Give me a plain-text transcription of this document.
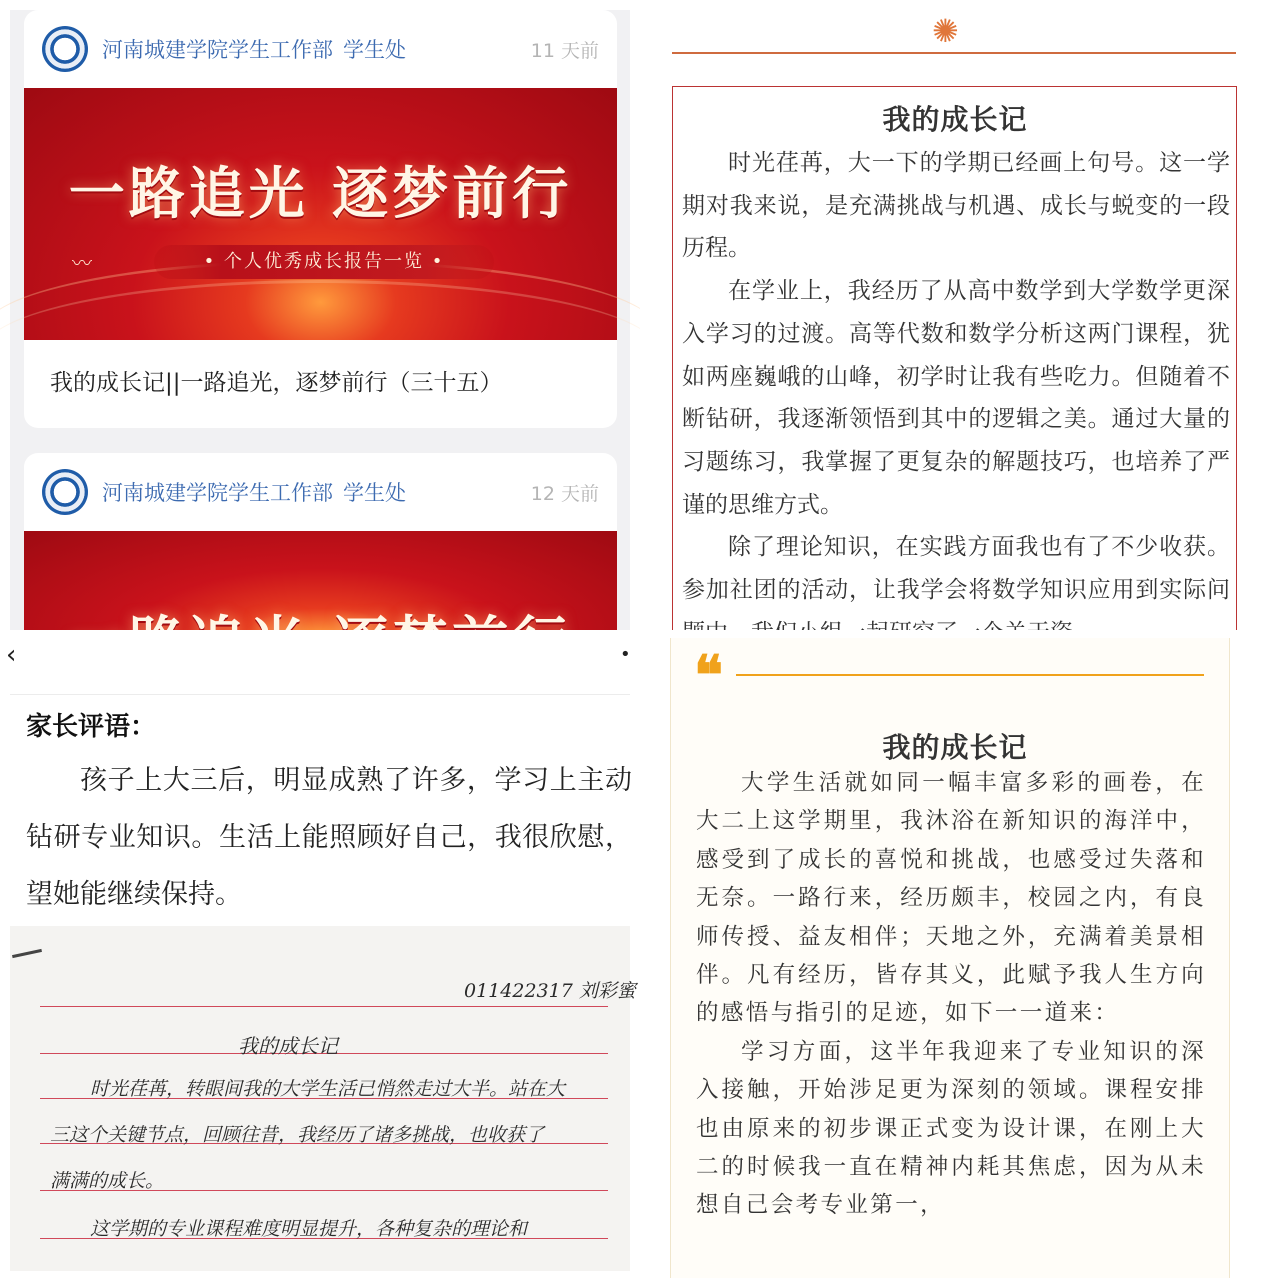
河南城建学院学生工作部 学生处	11 天前
一路追光 逐梦前行
〰	• 个人优秀成长报告一览 •
我的成长记||一路追光，逐梦前行（三十五）
河南城建学院学生工作部 学生处	12 天前
✺
我的成长记

时光荏苒，大一下的学期已经画上句号。这一学期对我来说，是充满挑战与机遇、成长与蜕变的一段历程。

在学业上，我经历了从高中数学到大学数学更深入学习的过渡。高等代数和数学分析这两门课程，犹如两座巍峨的山峰，初学时让我有些吃力。但随着不断钻研，我逐渐领悟到其中的逻辑之美。通过大量的习题练习，我掌握了更复杂的解题技巧，也培养了严谨的思维方式。

除了理论知识，在实践方面我也有了不少收获。参加社团的活动，让我学会将数学知识应用到实际问

‹	•
家长评语：

孩子上大三后，明显成熟了许多，学习上主动钻研专业知识。生活上能照顾好自己，我很欣慰，望她能继续保持。

011422317 刘彩蜜
我的成长记
时光荏苒，转眼间我的大学生活已悄然走过大半。站在大
三这个关键节点，回顾往昔，我经历了诸多挑战，也收获了
满满的成长。
这学期的专业课程难度明显提升，各种复杂的理论和
❝
我的成长记

大学生活就如同一幅丰富多彩的画卷，在大二上这学期里，我沐浴在新知识的海洋中，感受到了成长的喜悦和挑战，也感受过失落和无奈。一路行来，经历颇丰，校园之内，有良师传授、益友相伴；天地之外，充满着美景相伴。凡有经历，皆存其义，此赋予我人生方向的感悟与指引的足迹，如下一一道来：

学习方面，这半年我迎来了专业知识的深入接触，开始涉足更为深刻的领域。课程安排也由原来的初步课正式变为设计课，在刚上大二的时候我一直在精神内耗其焦虑，因为从未想自己会考专业第一，
